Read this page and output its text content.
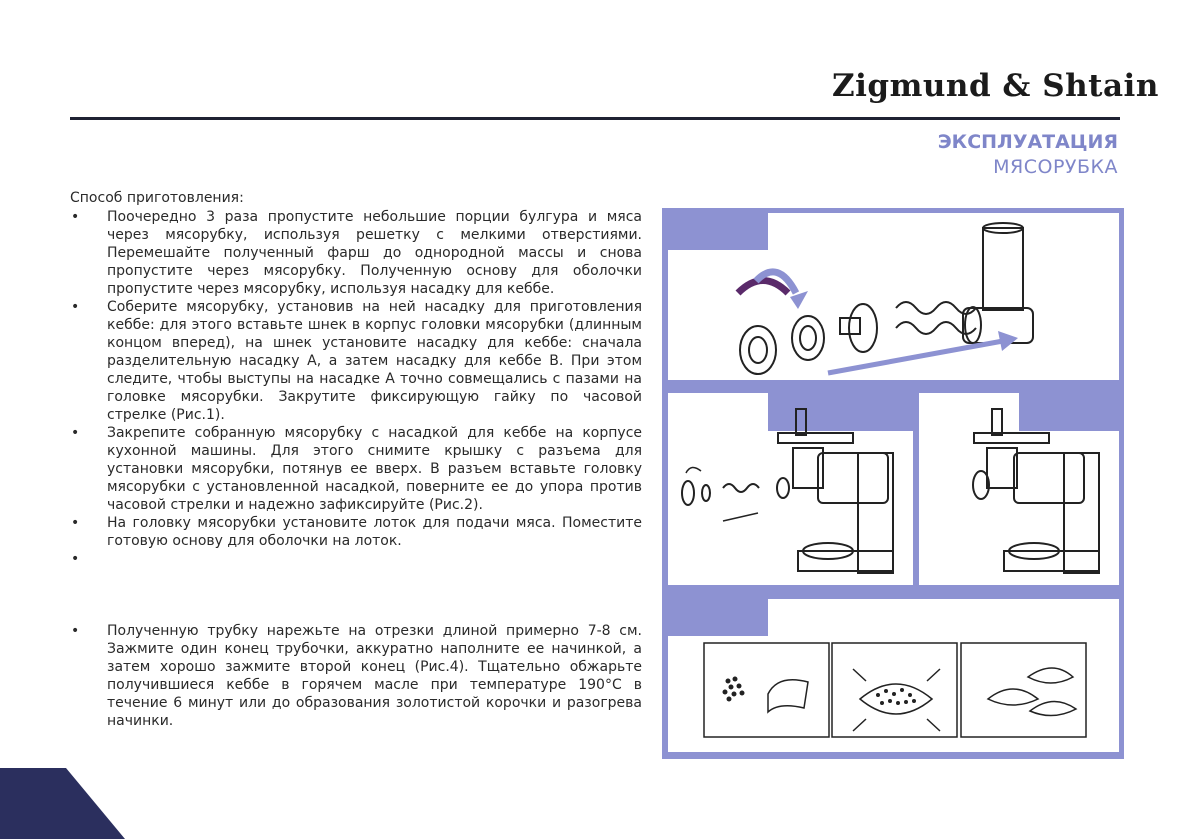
Zigmund & Shtain
ЭКСПЛУАТАЦИЯ
МЯСОРУБКА

Способ приготовления:

• Поочередно 3 раза пропустите небольшие порции булгура и мяса через мясорубку, используя решетку с мелкими отверстиями. Перемешайте полученный фарш до однородной массы и снова пропустите через мясорубку. Полученную основу для оболочки пропустите через мясорубку, используя насадку для кеббе.
• Соберите мясорубку, установив на ней насадку для приготовления кеббе: для этого вставьте шнек в корпус головки мясорубки (длинным концом вперед), на шнек установите насадку для кеббе: сначала разделительную насадку А, а затем насадку для кеббе В. При этом следите, чтобы выступы на насадке А точно совмещались с пазами на головке мясорубки. Закрутите фиксирующую гайку по часовой стрелке (Рис.1).
• Закрепите собранную мясорубку с насадкой для кеббе на корпусе кухонной машины. Для этого снимите крышку с разъема для установки мясорубки, потянув ее вверх. В разъем вставьте головку мясорубки с установленной насадкой, поверните ее до упора против часовой стрелки и надежно зафиксируйте (Рис.2).
• На головку мясорубки установите лоток для подачи мяса. Поместите готовую основу для оболочки на лоток.
•
• Полученную трубку нарежьте на отрезки длиной примерно 7-8 см. Зажмите один конец трубочки, аккуратно наполните ее начинкой, а затем хорошо зажмите второй конец (Рис.4). Тщательно обжарьте получившиеся кеббе в горячем масле при температуре 190°С в течение 6 минут или до образования золотистой корочки и разогрева начинки.
